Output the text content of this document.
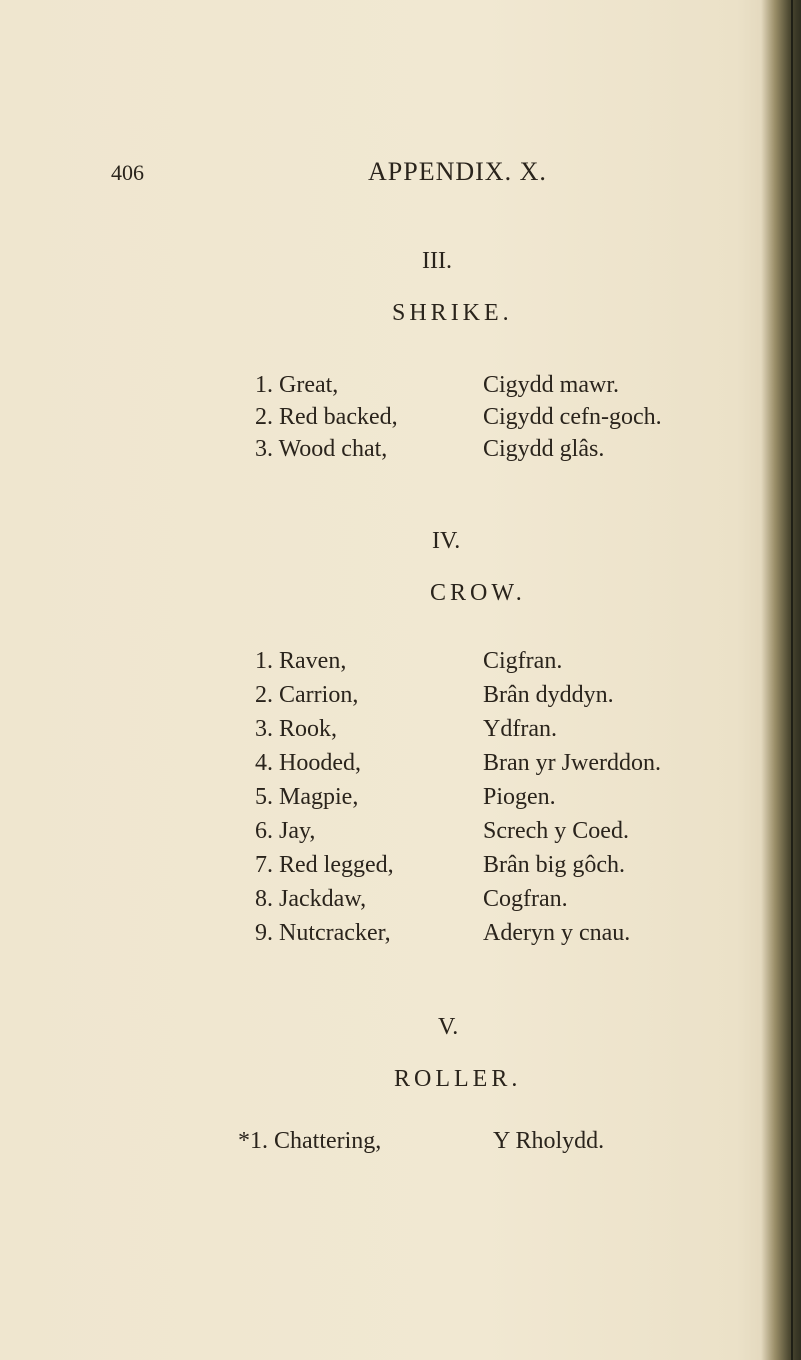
406	APPENDIX. X.
III.
SHRIKE.
1. Great,	Cigydd mawr.
2. Red backed,	Cigydd cefn-goch.
3. Wood chat,	Cigydd glâs.
IV.
CROW.
1. Raven,	Cigfran.
2. Carrion,	Brân dyddyn.
3. Rook,	Ydfran.
4. Hooded,	Bran yr Jwerddon.
5. Magpie,	Piogen.
6. Jay,	Screch y Coed.
7. Red legged,	Brân big gôch.
8. Jackdaw,	Cogfran.
9. Nutcracker,	Aderyn y cnau.
V.
ROLLER.
*1. Chattering,	Y Rholydd.
